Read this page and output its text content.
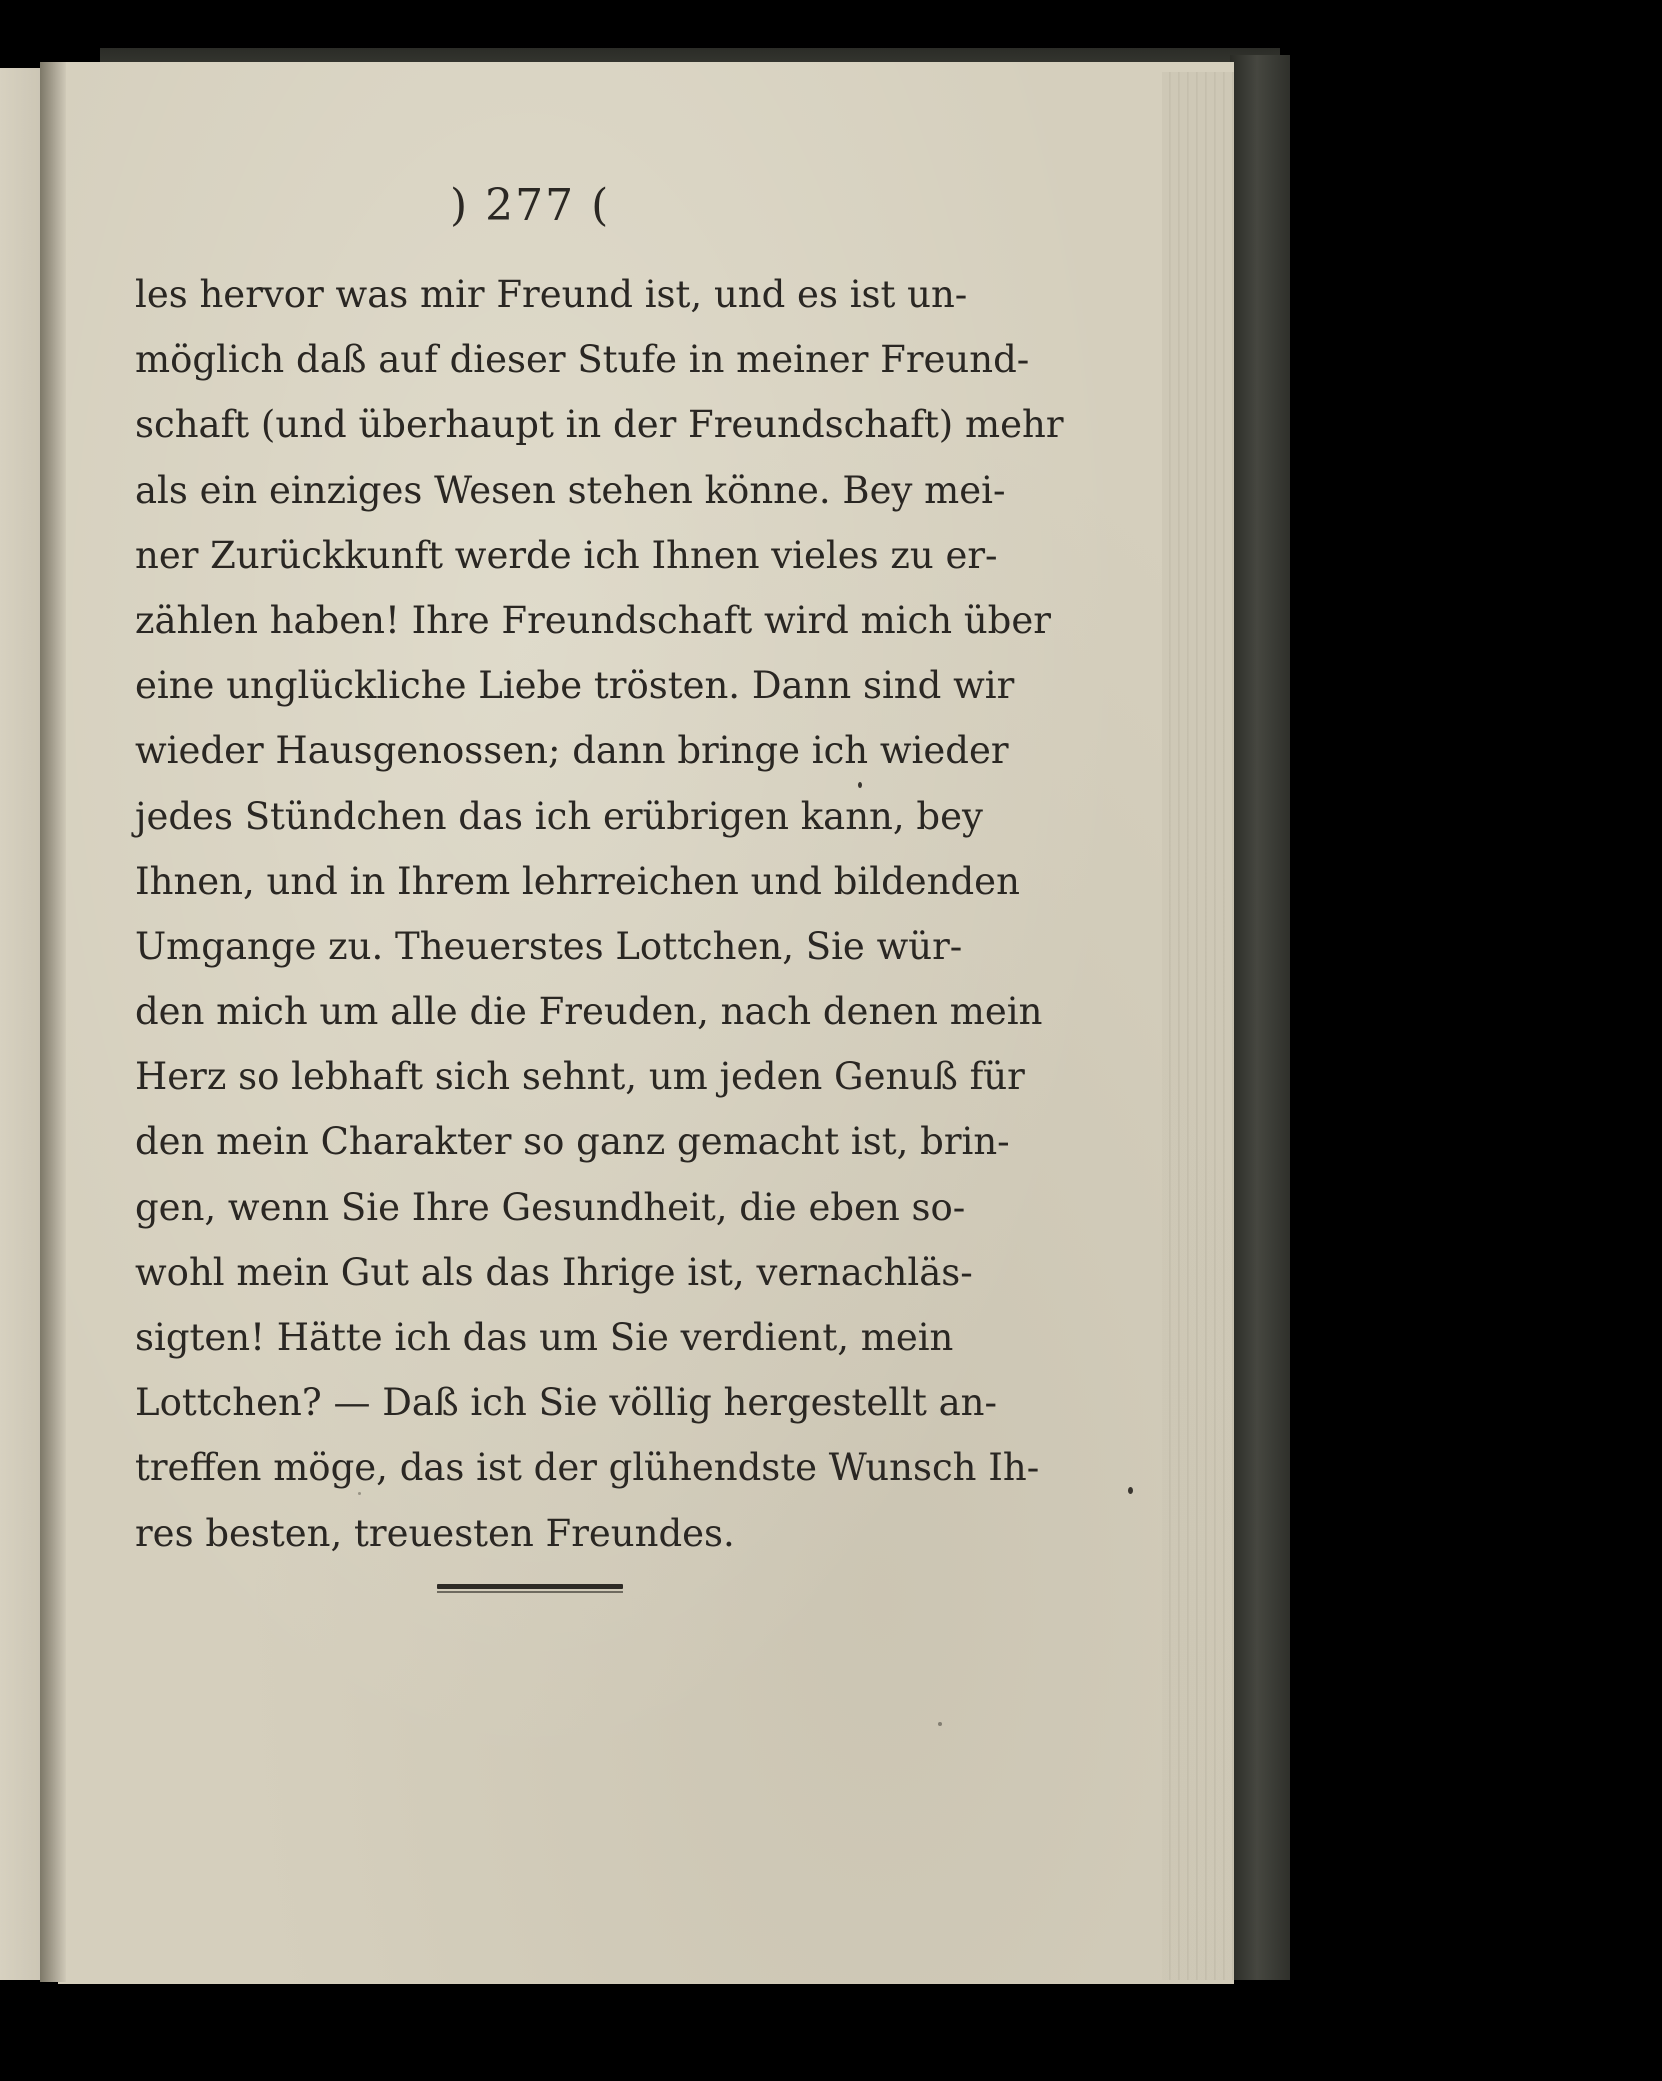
) 277 (
les hervor was mir Freund ist, und es ist un-
möglich daß auf dieser Stufe in meiner Freund-
schaft (und überhaupt in der Freundschaft) mehr
als ein einziges Wesen stehen könne. Bey mei-
ner Zurückkunft werde ich Ihnen vieles zu er-
zählen haben! Ihre Freundschaft wird mich über
eine unglückliche Liebe trösten. Dann sind wir
wieder Hausgenossen; dann bringe ich wieder
jedes Stündchen das ich erübrigen kann, bey
Ihnen, und in Ihrem lehrreichen und bildenden
Umgange zu. Theuerstes Lottchen, Sie wür-
den mich um alle die Freuden, nach denen mein
Herz so lebhaft sich sehnt, um jeden Genuß für
den mein Charakter so ganz gemacht ist, brin-
gen, wenn Sie Ihre Gesundheit, die eben so-
wohl mein Gut als das Ihrige ist, vernachläs-
sigten! Hätte ich das um Sie verdient, mein
Lottchen? — Daß ich Sie völlig hergestellt an-
treffen möge, das ist der glühendste Wunsch Ih-
res besten, treuesten Freundes.
